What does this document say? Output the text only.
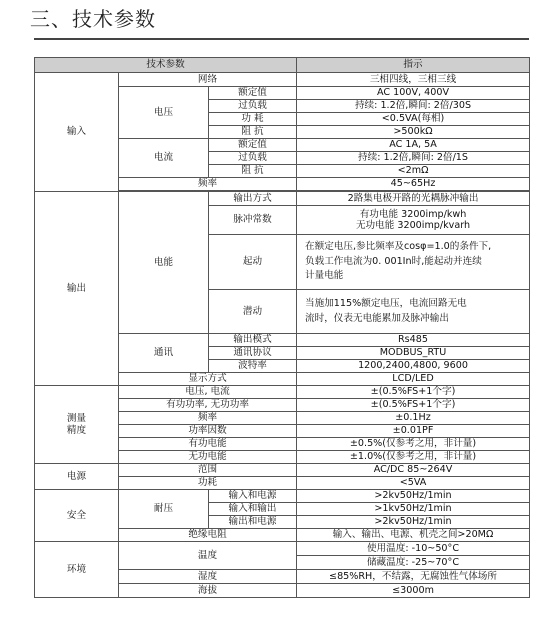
三、技术参数
技术参数			指示
输入	网络		三相四线，三相三线
	电压	额定值	AC 100V, 400V
		过负载	持续: 1.2倍,瞬间: 2倍/30S
		功 耗	<0.5VA(每相)
		阻 抗	>500kΩ
	电流	额定值	AC 1A, 5A
		过负载	持续: 1.2倍,瞬间: 2倍/1S
		阻 抗	<2mΩ
	频率		45~65Hz

输出	电能	输出方式	2路集电极开路的光耦脉冲输出
		脉冲常数	有功电能 3200imp/kwh
无功电能 3200imp/kvarh

		起动	在额定电压,参比频率及cosφ=1.0的条件下,
负载工作电流为0. 001In时,能起动并连续
计量电能

		潜动	当施加115%额定电压，电流回路无电
流时，仪表无电能累加及脉冲输出

	通讯	输出模式	Rs485
		通讯协议	MODBUS_RTU
		波特率	1200,2400,4800, 9600
	显示方式		LCD/LED

测量
精度	电压, 电流		±(0.5%FS+1个字)
	有功功率, 无功功率		±(0.5%FS+1个字)
	频率		±0.1Hz
	功率因数		±0.01PF
	有功电能		±0.5%(仅参考之用，非计量)
	无功电能		±1.0%(仅参考之用，非计量)
电源	范围		AC/DC 85~264V
	功耗		<5VA
安全	耐压	输入和电源	>2kv50Hz/1min
		输入和输出	>1kv50Hz/1min
		输出和电源	>2kv50Hz/1min
	绝缘电阻		输入、输出、电源、机壳之间>20MΩ
环境	温度		使用温度: -10~50°C
			储藏温度: -25~70°C
	湿度		≤85%RH，不结露，无腐蚀性气体场所
	海拔		≤3000m
